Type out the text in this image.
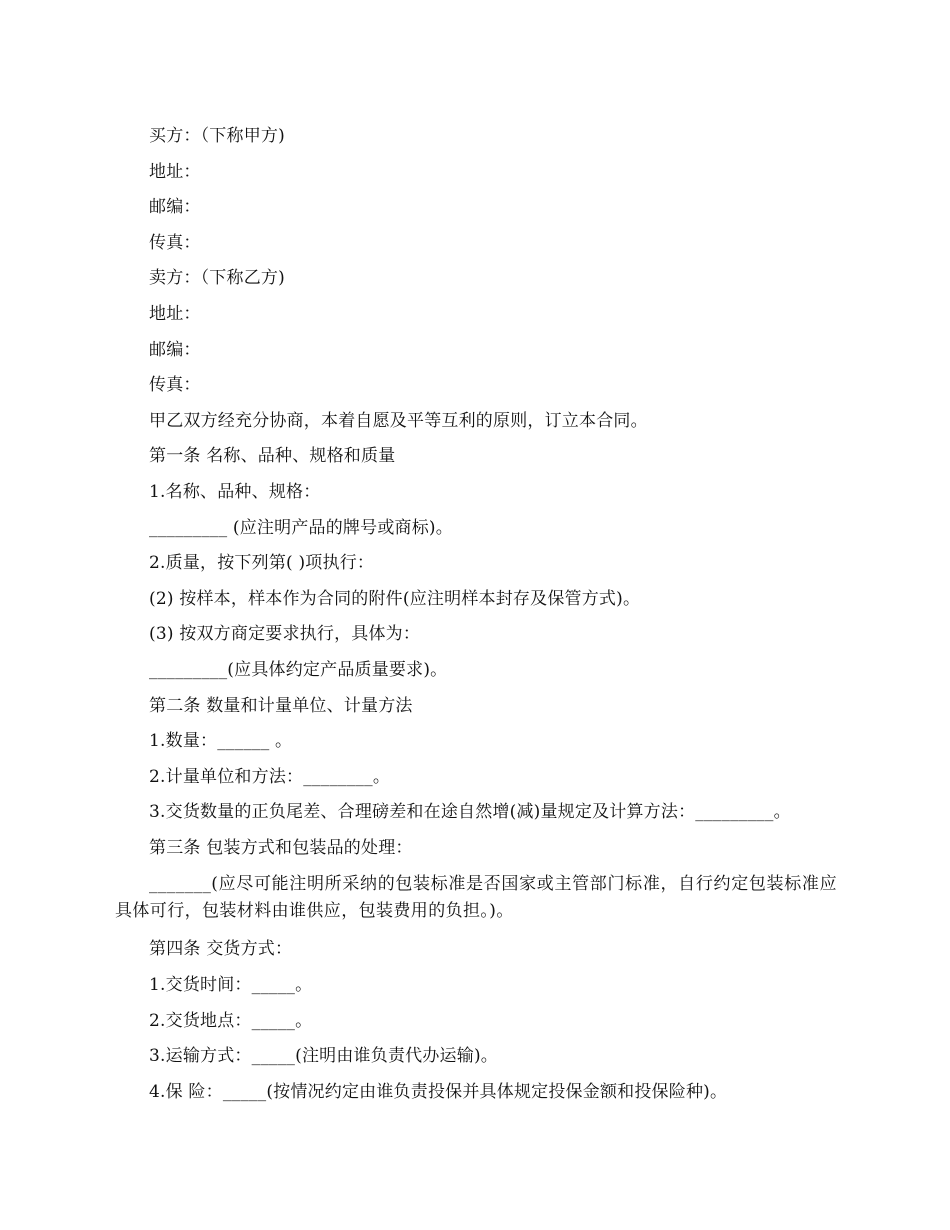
买方：（下称甲方)

地址：

邮编：

传真：

卖方：（下称乙方)

地址：

邮编：

传真：

甲乙双方经充分协商，本着自愿及平等互利的原则，订立本合同。

第一条 名称、品种、规格和质量

1.名称、品种、规格：

_________ (应注明产品的牌号或商标)。

2.质量，按下列第( )项执行：

(2) 按样本，样本作为合同的附件(应注明样本封存及保管方式)。

(3) 按双方商定要求执行，具体为：

_________(应具体约定产品质量要求)。

第二条 数量和计量单位、计量方法

1.数量：______ 。

2.计量单位和方法：________。

3.交货数量的正负尾差、合理磅差和在途自然增(减)量规定及计算方法：_________。

第三条 包装方式和包装品的处理：

_______(应尽可能注明所采纳的包装标准是否国家或主管部门标准，自行约定包装标准应具体可行，包装材料由谁供应，包装费用的负担。)。

第四条 交货方式：

1.交货时间：_____。

2.交货地点：_____。

3.运输方式：_____(注明由谁负责代办运输)。

4.保 险：_____(按情况约定由谁负责投保并具体规定投保金额和投保险种)。
